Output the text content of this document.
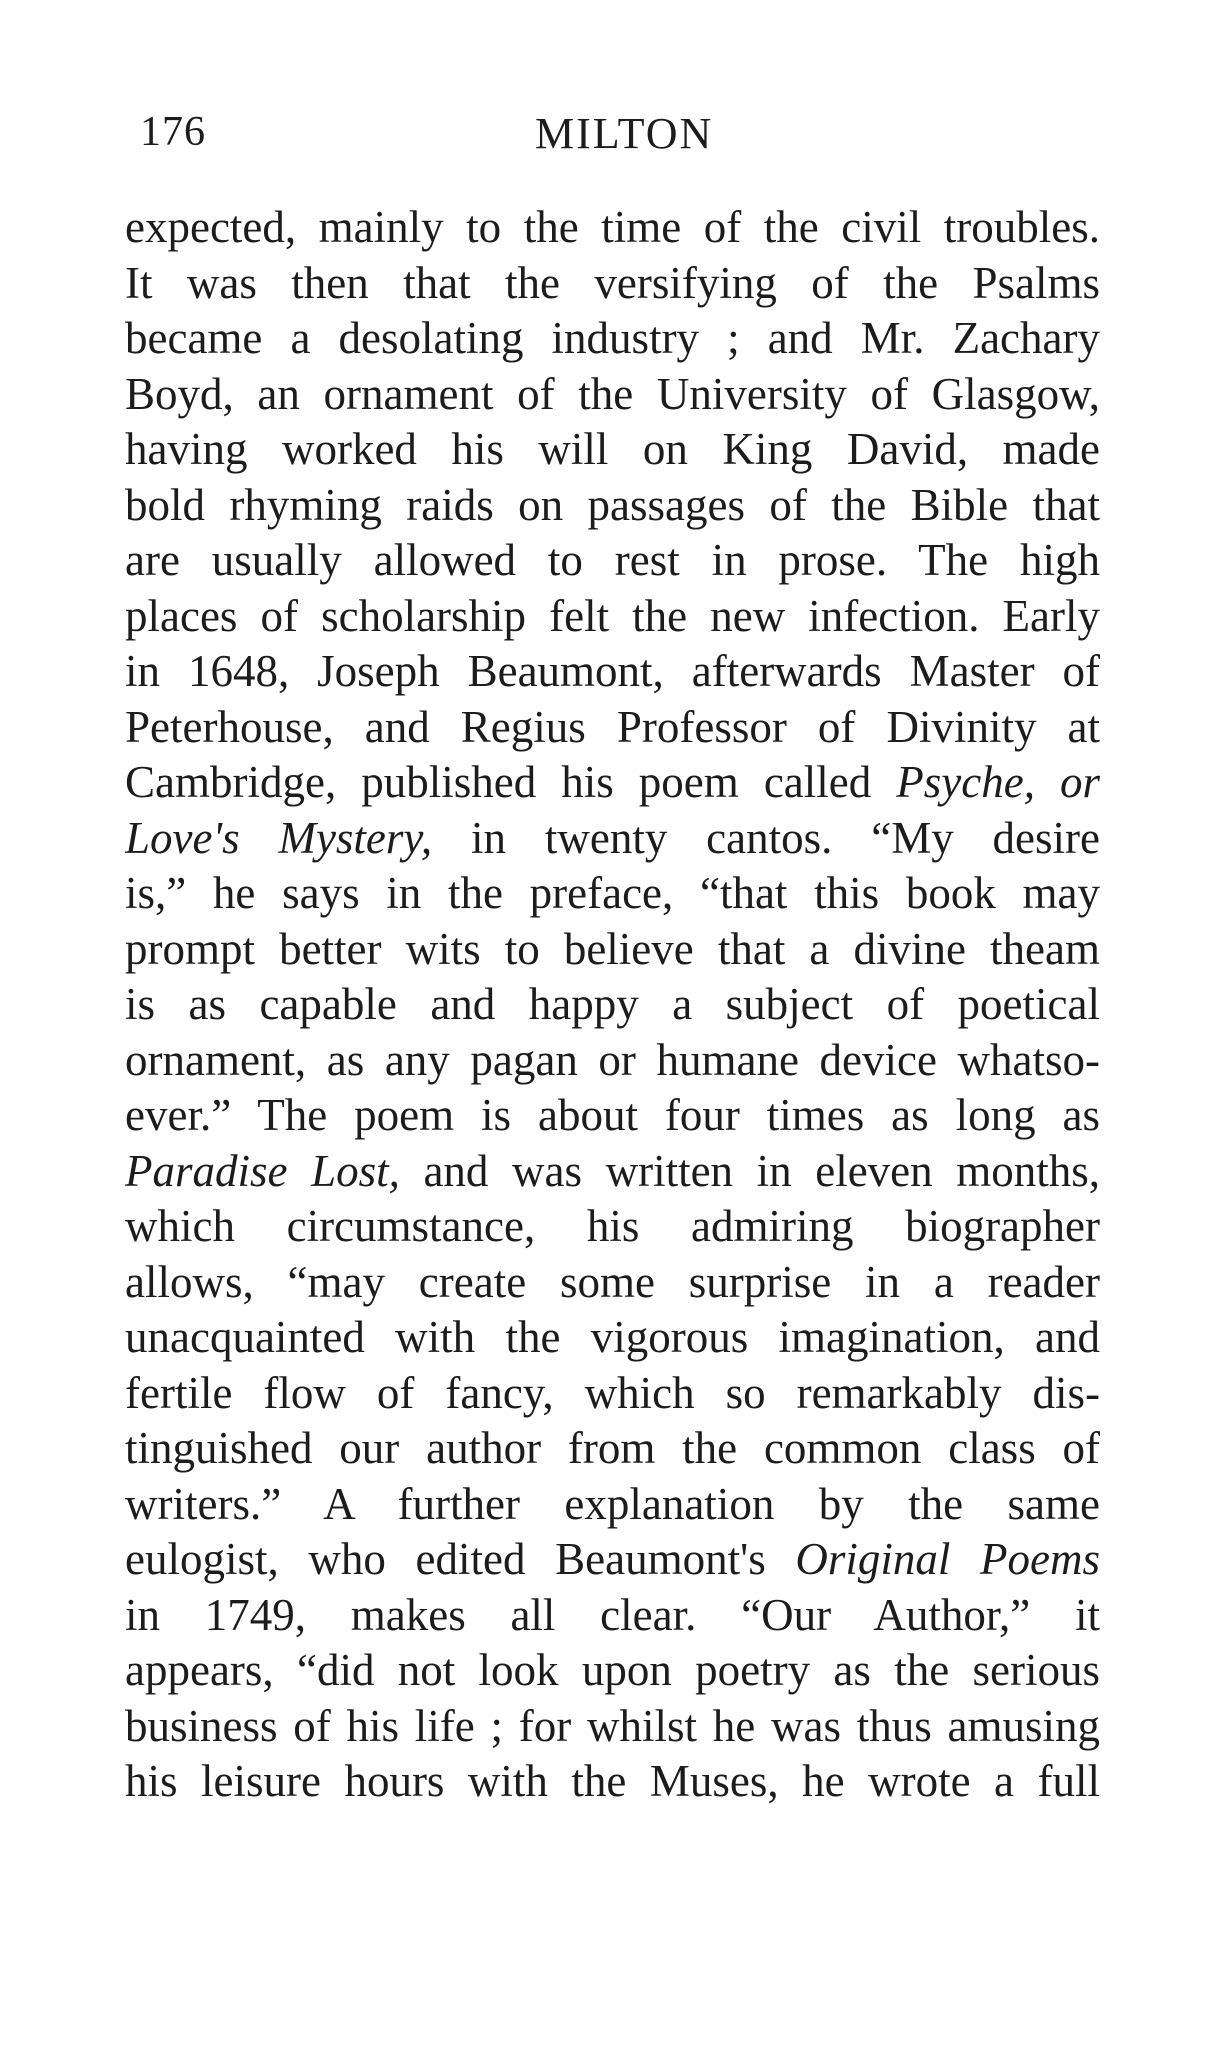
176	MILTON
expected, mainly to the time of the civil troubles.
It was then that the versifying of the Psalms
became a desolating industry ; and Mr. Zachary
Boyd, an ornament of the University of Glasgow,
having worked his will on King David, made
bold rhyming raids on passages of the Bible that
are usually allowed to rest in prose. The high
places of scholarship felt the new infection. Early
in 1648, Joseph Beaumont, afterwards Master of
Peterhouse, and Regius Professor of Divinity at
Cambridge, published his poem called Psyche, or
Love's Mystery, in twenty cantos. “My desire
is,” he says in the preface, “that this book may
prompt better wits to believe that a divine theam
is as capable and happy a subject of poetical
ornament, as any pagan or humane device whatso-
ever.” The poem is about four times as long as
Paradise Lost, and was written in eleven months,
which circumstance, his admiring biographer
allows, “may create some surprise in a reader
unacquainted with the vigorous imagination, and
fertile flow of fancy, which so remarkably dis-
tinguished our author from the common class of
writers.” A further explanation by the same
eulogist, who edited Beaumont's Original Poems
in 1749, makes all clear. “Our Author,” it
appears, “did not look upon poetry as the serious
business of his life ; for whilst he was thus amusing
his leisure hours with the Muses, he wrote a full
